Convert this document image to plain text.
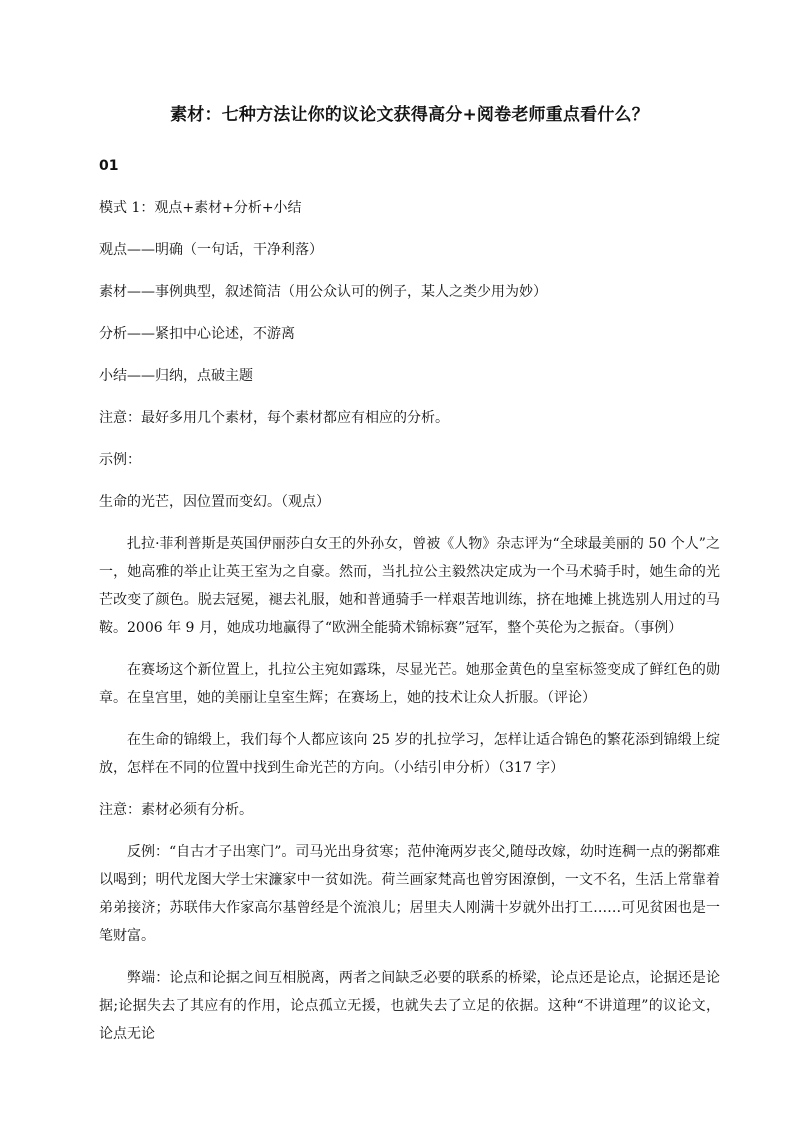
素材：七种方法让你的议论文获得高分+阅卷老师重点看什么？
01
模式 1：观点+素材+分析+小结
观点——明确（一句话，干净利落）
素材——事例典型，叙述简洁（用公众认可的例子，某人之类少用为妙）
分析——紧扣中心论述，不游离
小结——归纳，点破主题
注意：最好多用几个素材，每个素材都应有相应的分析。
示例：
生命的光芒，因位置而变幻。（观点）
扎拉·菲利普斯是英国伊丽莎白女王的外孙女，曾被《人物》杂志评为“全球最美丽的 50 个人”之一，她高雅的举止让英王室为之自豪。然而，当扎拉公主毅然决定成为一个马术骑手时，她生命的光芒改变了颜色。脱去冠冕，褪去礼服，她和普通骑手一样艰苦地训练，挤在地摊上挑选别人用过的马鞍。2006 年 9 月，她成功地赢得了“欧洲全能骑术锦标赛”冠军，整个英伦为之振奋。（事例）
在赛场这个新位置上，扎拉公主宛如露珠，尽显光芒。她那金黄色的皇室标签变成了鲜红色的勋章。在皇宫里，她的美丽让皇室生辉；在赛场上，她的技术让众人折服。（评论）
在生命的锦缎上，我们每个人都应该向 25 岁的扎拉学习，怎样让适合锦色的繁花添到锦缎上绽放，怎样在不同的位置中找到生命光芒的方向。（小结引申分析）（317 字）
注意：素材必须有分析。
反例：“自古才子出寒门”。司马光出身贫寒；范仲淹两岁丧父,随母改嫁，幼时连稠一点的粥都难以喝到；明代龙图大学士宋濂家中一贫如洗。荷兰画家梵高也曾穷困潦倒，一文不名，生活上常靠着弟弟接济；苏联伟大作家高尔基曾经是个流浪儿；居里夫人刚满十岁就外出打工……可见贫困也是一笔财富。
弊端：论点和论据之间互相脱离，两者之间缺乏必要的联系的桥梁，论点还是论点，论据还是论据;论据失去了其应有的作用，论点孤立无援，也就失去了立足的依据。这种“不讲道理”的议论文，论点无论
